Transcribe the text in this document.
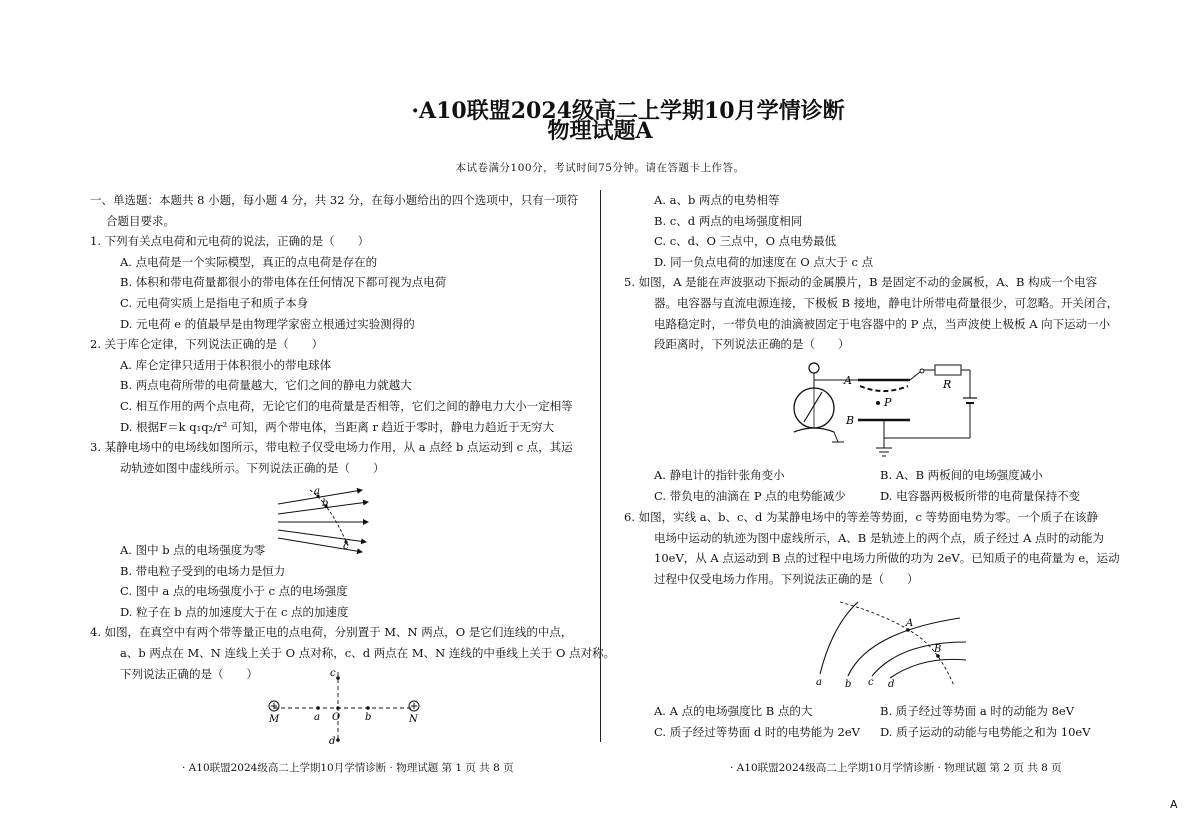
·A10联盟2024级高二上学期10月学情诊断
物理试题A
本试卷满分100分，考试时间75分钟。请在答题卡上作答。
一、单选题：本题共 8 小题，每小题 4 分，共 32 分，在每小题给出的四个选项中，只有一项符
合题目要求。
1. 下列有关点电荷和元电荷的说法，正确的是（　　）
A. 点电荷是一个实际模型，真正的点电荷是存在的
B. 体积和带电荷量都很小的带电体在任何情况下都可视为点电荷
C. 元电荷实质上是指电子和质子本身
D. 元电荷 e 的值最早是由物理学家密立根通过实验测得的
2. 关于库仑定律，下列说法正确的是（　　）
A. 库仑定律只适用于体积很小的带电球体
B. 两点电荷所带的电荷量越大，它们之间的静电力就越大
C. 相互作用的两个点电荷，无论它们的电荷量是否相等，它们之间的静电力大小一定相等
D. 根据F＝k q₁q₂/r² 可知，两个带电体，当距离 r 趋近于零时，静电力趋近于无穷大
3. 某静电场中的电场线如图所示，带电粒子仅受电场力作用，从 a 点经 b 点运动到 c 点，其运
动轨迹如图中虚线所示。下列说法正确的是（　　）
a
b
c
A. 图中 b 点的电场强度为零
B. 带电粒子受到的电场力是恒力
C. 图中 a 点的电场强度小于 c 点的电场强度
D. 粒子在 b 点的加速度大于在 c 点的加速度
4. 如图，在真空中有两个带等量正电的点电荷，分别置于 M、N 两点，O 是它们连线的中点，
a、b 两点在 M、N 连线上关于 O 点对称，c、d 两点在 M、N 连线的中垂线上关于 O 点对称。
下列说法正确的是（　　）
M	N
a O b
c
d
A. a、b 两点的电势相等
B. c、d 两点的电场强度相同
C. c、d、O 三点中，O 点电势最低
D. 同一负点电荷的加速度在 O 点大于 c 点
5. 如图，A 是能在声波驱动下振动的金属膜片，B 是固定不动的金属板，A、B 构成一个电容
器。电容器与直流电源连接，下极板 B 接地，静电计所带电荷量很少，可忽略。开关闭合，
电路稳定时，一带负电的油滴被固定于电容器中的 P 点，当声波使上极板 A 向下运动一小
段距离时，下列说法正确的是（　　）
A
B
P
R
A. 静电计的指针张角变小	B. A、B 两板间的电场强度减小
C. 带负电的油滴在 P 点的电势能减少	D. 电容器两极板所带的电荷量保持不变
6. 如图，实线 a、b、c、d 为某静电场中的等差等势面，c 等势面电势为零。一个质子在该静
电场中运动的轨迹为图中虚线所示，A、B 是轨迹上的两个点，质子经过 A 点时的动能为
10eV，从 A 点运动到 B 点的过程中电场力所做的功为 2eV。已知质子的电荷量为 e，运动
过程中仅受电场力作用。下列说法正确的是（　　）
A
B
a b c d
A. A 点的电场强度比 B 点的大	B. 质子经过等势面 a 时的动能为 8eV
C. 质子经过等势面 d 时的电势能为 2eV	D. 质子运动的动能与电势能之和为 10eV
· A10联盟2024级高二上学期10月学情诊断 · 物理试题 第 1 页 共 8 页	· A10联盟2024级高二上学期10月学情诊断 · 物理试题 第 2 页 共 8 页
A
